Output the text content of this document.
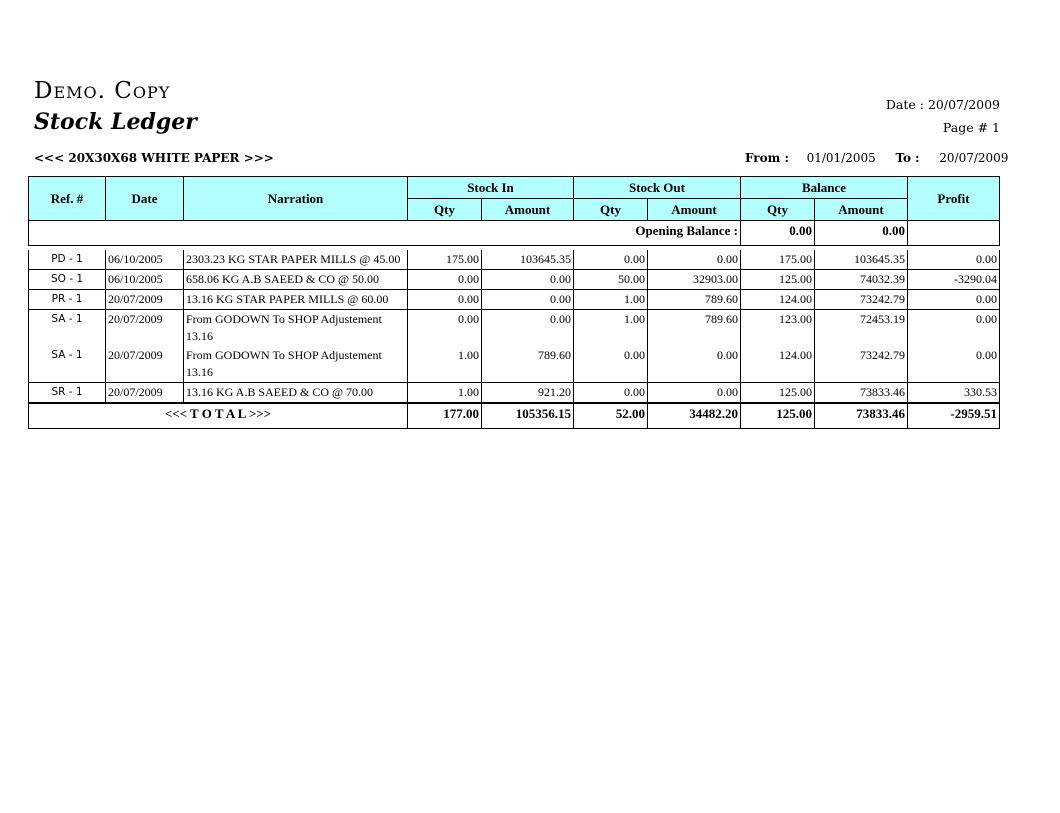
Demo. Copy
Stock Ledger
Date : 20/07/2009
Page # 1
<<< 20X30X68 WHITE PAPER >>>	From : 01/01/2005 To : 20/07/2009
Ref. #	Date	Narration	Stock In		Stock Out		Balance		Profit
			Qty	Amount	Qty	Amount	Qty	Amount	
Opening Balance :							0.00	0.00	

PD - 1	06/10/2005	2303.23 KG STAR PAPER MILLS @ 45.00	175.00	103645.35	0.00	0.00	175.00	103645.35	0.00
SO - 1	06/10/2005	658.06 KG A.B SAEED & CO @ 50.00	0.00	0.00	50.00	32903.00	125.00	74032.39	-3290.04
PR - 1	20/07/2009	13.16 KG STAR PAPER MILLS @ 60.00	0.00	0.00	1.00	789.60	124.00	73242.79	0.00
SA - 1	20/07/2009	From GODOWN To SHOP Adjustement 13.16	0.00	0.00	1.00	789.60	123.00	72453.19	0.00
SA - 1	20/07/2009	From GODOWN To SHOP Adjustement 13.16	1.00	789.60	0.00	0.00	124.00	73242.79	0.00
SR - 1	20/07/2009	13.16 KG A.B SAEED & CO @ 70.00	1.00	921.20	0.00	0.00	125.00	73833.46	330.53
<<< T O T A L >>>			177.00	105356.15	52.00	34482.20	125.00	73833.46	-2959.51
